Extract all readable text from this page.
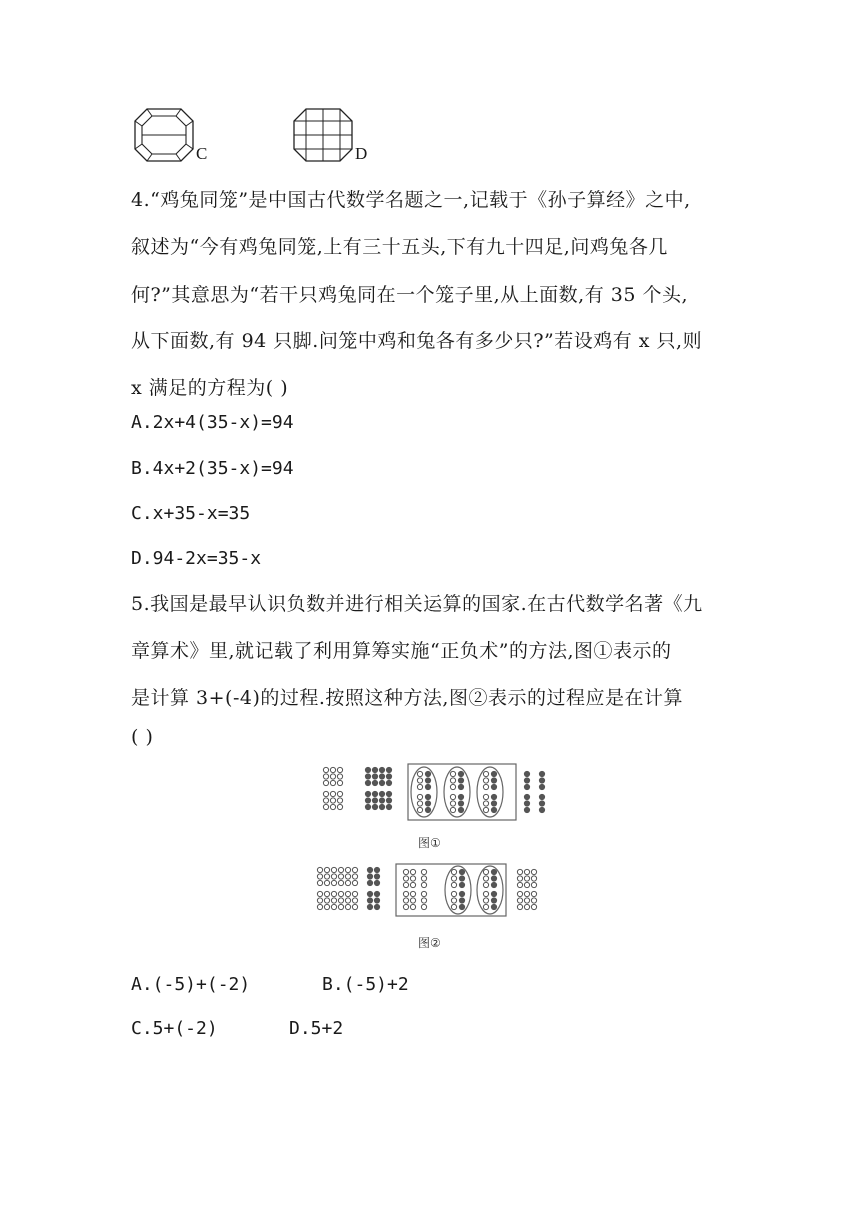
C	D
4.“鸡兔同笼”是中国古代数学名题之一,记载于《孙子算经》之中,
叙述为“今有鸡兔同笼,上有三十五头,下有九十四足,问鸡兔各几
何?”其意思为“若干只鸡兔同在一个笼子里,从上面数,有 35 个头,
从下面数,有 94 只脚.问笼中鸡和兔各有多少只?”若设鸡有 x 只,则
x 满足的方程为( )
A.2x+4(35-x)=94
B.4x+2(35-x)=94
C.x+35-x=35
D.94-2x=35-x
5.我国是最早认识负数并进行相关运算的国家.在古代数学名著《九
章算术》里,就记载了利用算筹实施“正负术”的方法,图①表示的
是计算 3+(-4)的过程.按照这种方法,图②表示的过程应是在计算
( )
图①
图②
A.(-5)+(-2)	B.(-5)+2
C.5+(-2)	D.5+2
